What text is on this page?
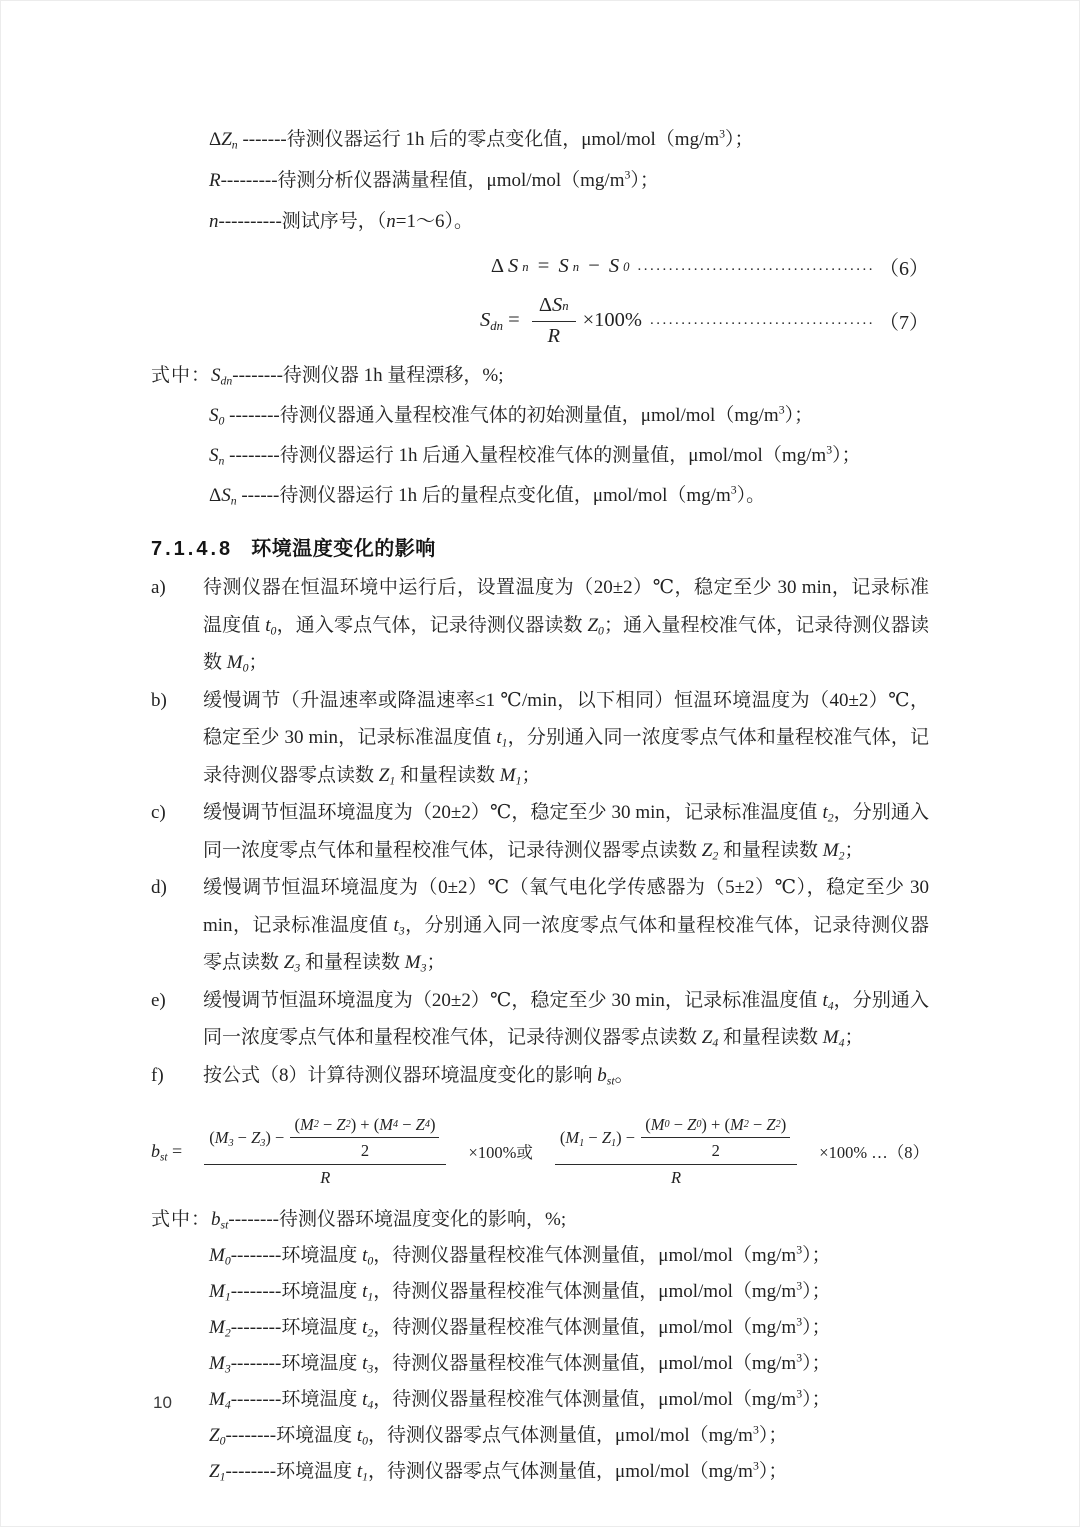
$\Delta Z_n$ -------待测仪器运行 1h 后的零点变化值，μmol/$mol(mg/m^3)$；

R---------待测分析仪器满量程值，μmol/$mol(mg/m^3)$；

n----------测试序号，（n=1～6）。

Δ S n = S n − S 0 ...................................... （6）
$S_{dn} = \frac{\text{Δ S n}}{R} \times 100\%$ .................................... （7）

式中：$S_{dn}--------$待测仪器 1h 量程漂移，%;

$S_0$ --------待测仪器通入量程校准气体的初始测量值，μmol/$mol(mg/m^3)$；

$S_n$ --------待测仪器运行 1h 后通入量程校准气体的测量值，μmol/$mol(mg/m^3)$；

$\Delta S_n$ ------待测仪器运行 1h 后的量程点变化值，μmol/$mol(mg/m^3)$。

7.1.4.8 环境温度变化的影响
a)	待测仪器在恒温环境中运行后，设置温度为（20±2）℃，稳定至少 30 min，记录标准温度值 $t_0$，通入零点气体，记录待测仪器读数 $Z_0$；通入量程校准气体，记录待测仪器读数 $M_0$；
b)	缓慢调节（升温速率或降温速率≤1 ℃/min，以下相同）恒温环境温度为（40±2）℃，稳定至少 30 min，记录标准温度值 $t_1$，分别通入同一浓度零点气体和量程校准气体，记录待测仪器零点读数 $Z_1$ 和量程读数 $M_1$；
c)	缓慢调节恒温环境温度为（20±2）℃，稳定至少 30 min，记录标准温度值 $t_2$，分别通入同一浓度零点气体和量程校准气体，记录待测仪器零点读数 $Z_2$ 和量程读数 $M_2$；
d)	缓慢调节恒温环境温度为（0±2）℃（氧气电化学传感器为（5±2）℃），稳定至少 30 min，记录标准温度值 $t_3$，分别通入同一浓度零点气体和量程校准气体，记录待测仪器零点读数 $Z_3$ 和量程读数 $M_3$；
e)	缓慢调节恒温环境温度为（20±2）℃，稳定至少 30 min，记录标准温度值 $t_4$，分别通入同一浓度零点气体和量程校准气体，记录待测仪器零点读数 $Z_4$ 和量程读数 $M_4$；
f)	按公式（8）计算待测仪器环境温度变化的影响 $b_{st}$。
$b_{st}$ =
$(M_3 - Z_3) - \frac{( M 2 - Z 2 ) + ( M 4 - Z 4 )}{2}$
R
×100%或
$(M_1 - Z_1) - \frac{( M 0 - Z 0 ) + ( M 2 - Z 2 )}{2}$
R
×100% …（8）

式中：$b_{st}--------$待测仪器环境温度变化的影响，%;

$M_0--------$环境温度 $t_0$，待测仪器量程校准气体测量值，μmol/$mol(mg/m^3)$；

$M_1--------$环境温度 $t_1$，待测仪器量程校准气体测量值，μmol/$mol(mg/m^3)$；

$M_2--------$环境温度 $t_2$，待测仪器量程校准气体测量值，μmol/$mol(mg/m^3)$；

$M_3--------$环境温度 $t_3$，待测仪器量程校准气体测量值，μmol/$mol(mg/m^3)$；

$M_4--------$环境温度 $t_4$，待测仪器量程校准气体测量值，μmol/$mol(mg/m^3)$；

$Z_0--------$环境温度 $t_0$，待测仪器零点气体测量值，μmol/$mol(mg/m^3)$；

$Z_1--------$环境温度 $t_1$，待测仪器零点气体测量值，μmol/$mol(mg/m^3)$；

10
